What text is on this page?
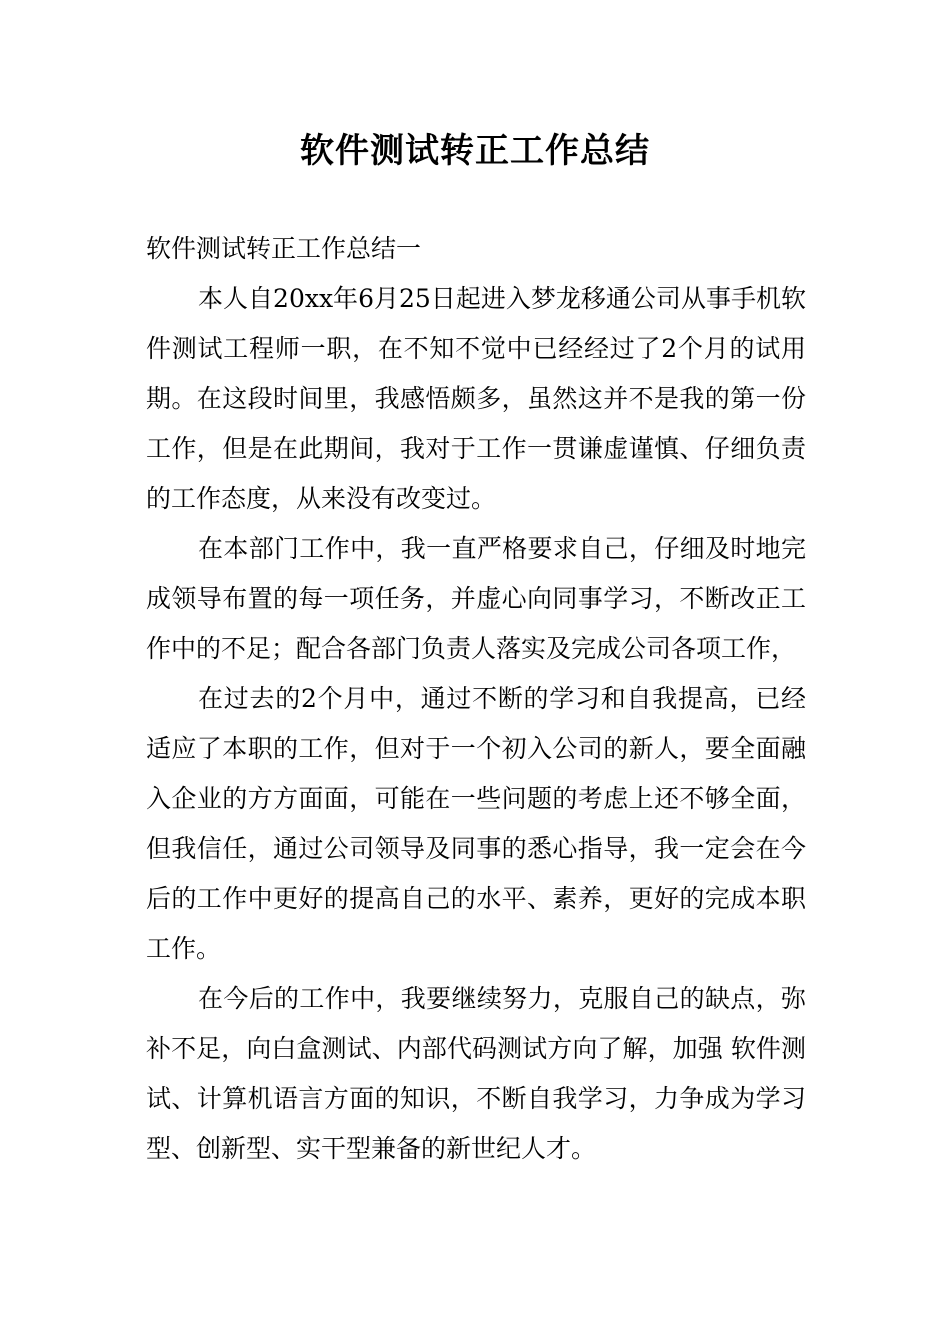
软件测试转正工作总结

软件测试转正工作总结一

本人自20xx年6月25日起进入梦龙移通公司从事手机软件测试工程师一职，在不知不觉中已经经过了2个月的试用期。在这段时间里，我感悟颇多，虽然这并不是我的第一份工作，但是在此期间，我对于工作一贯谦虚谨慎、仔细负责的工作态度，从来没有改变过。

在本部门工作中，我一直严格要求自己，仔细及时地完成领导布置的每一项任务，并虚心向同事学习，不断改正工作中的不足；配合各部门负责人落实及完成公司各项工作，

在过去的2个月中，通过不断的学习和自我提高，已经适应了本职的工作，但对于一个初入公司的新人，要全面融入企业的方方面面，可能在一些问题的考虑上还不够全面，但我信任，通过公司领导及同事的悉心指导，我一定会在今后的工作中更好的提高自己的水平、素养，更好的完成本职工作。

在今后的工作中，我要继续努力，克服自己的缺点，弥补不足，向白盒测试、内部代码测试方向了解，加强 软件测试、计算机语言方面的知识，不断自我学习，力争成为学习型、创新型、实干型兼备的新世纪人才。
